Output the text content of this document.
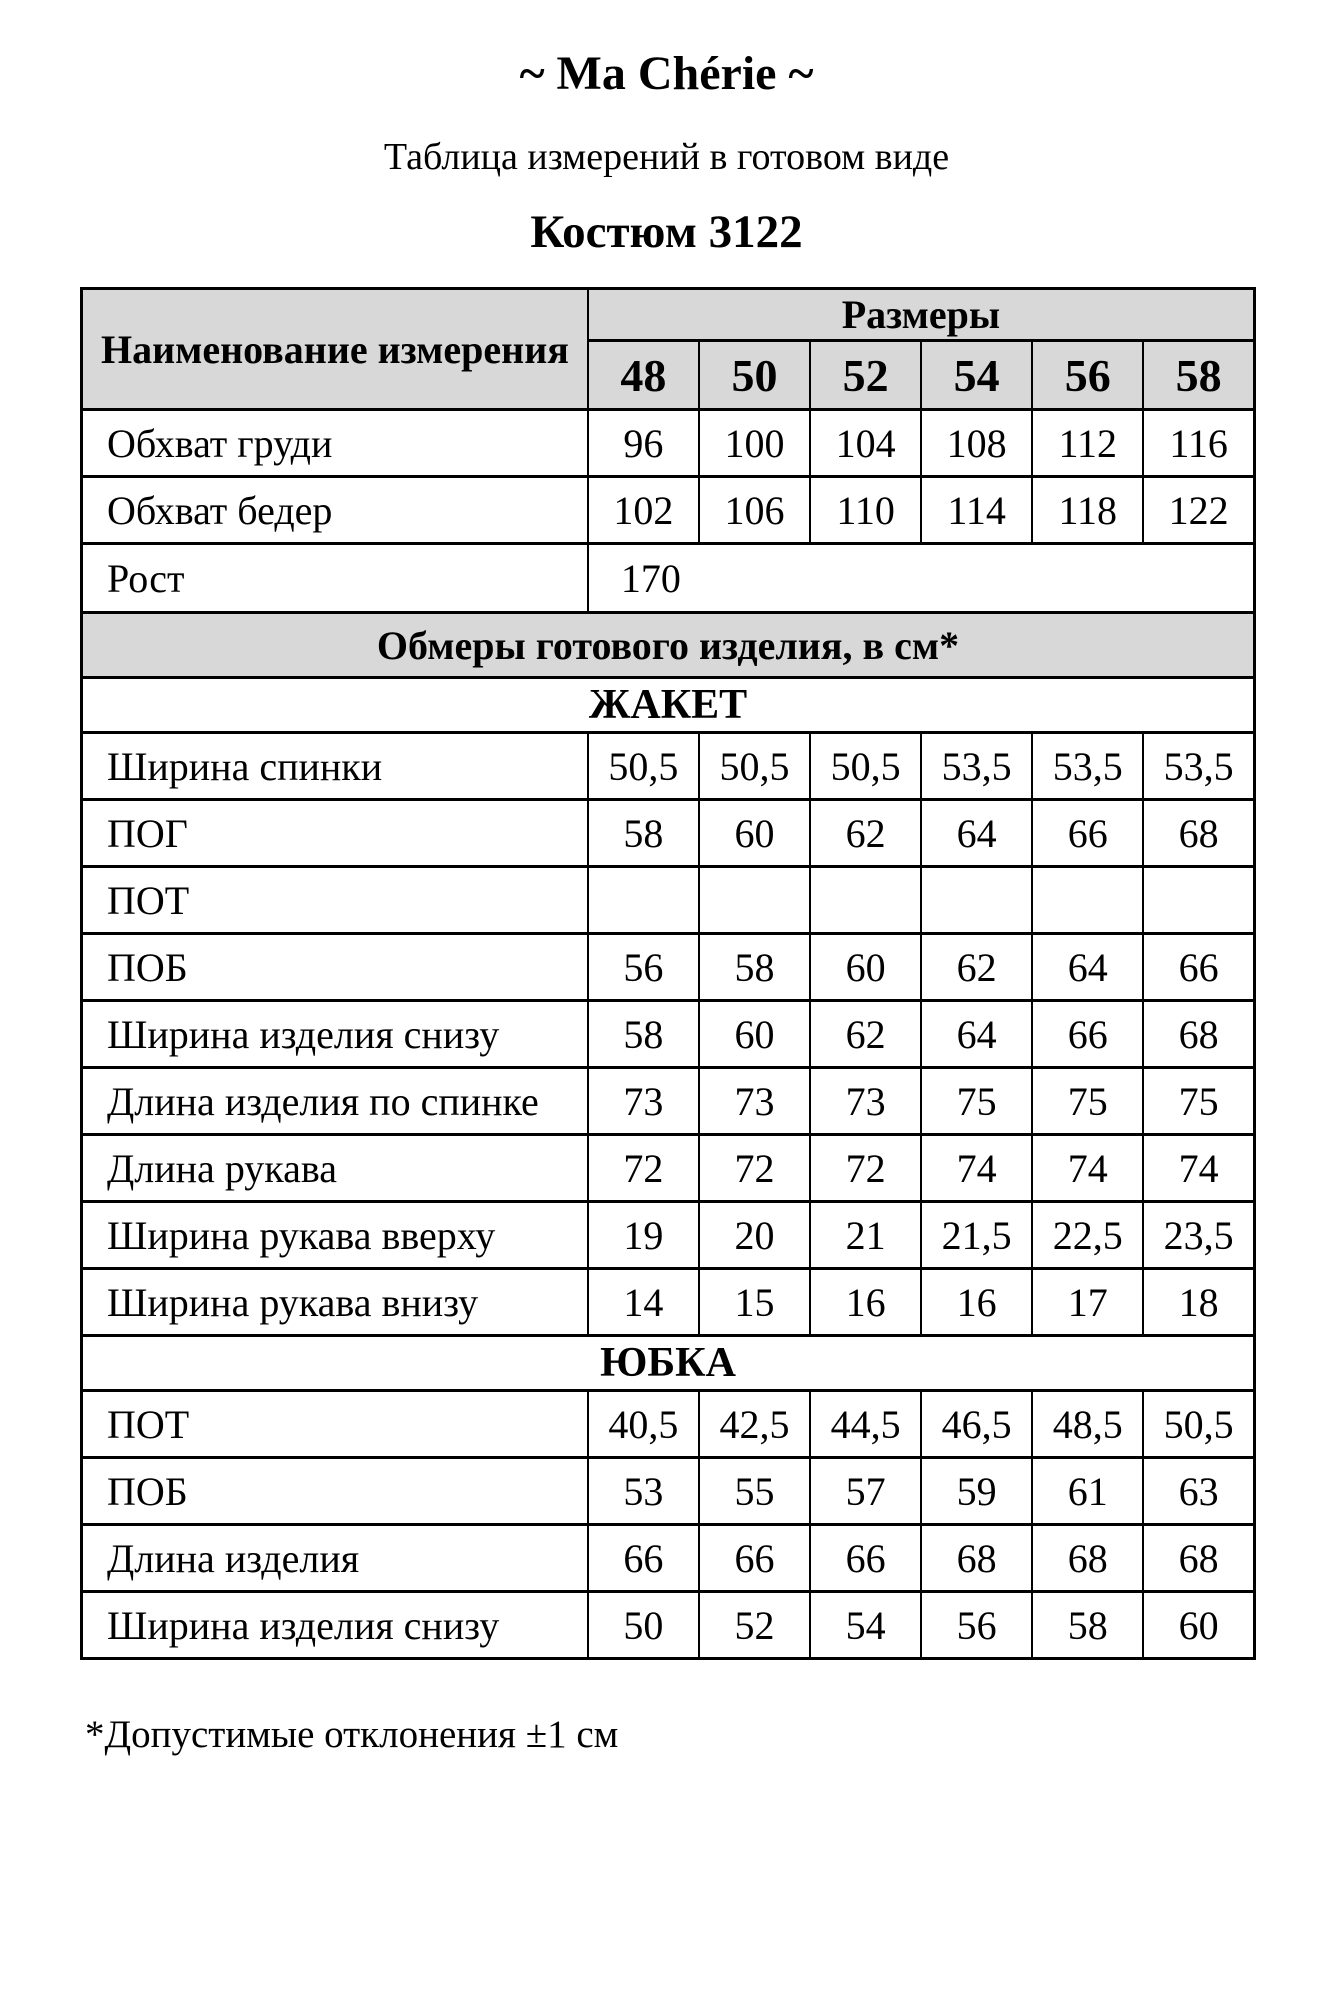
~ Ma Chérie ~
Таблица измерений в готовом виде
Костюм 3122
Наименование измерения	Размеры					
	48	50	52	54	56	58
Обхват груди	96	100	104	108	112	116
Обхват бедер	102	106	110	114	118	122
Рост	170					
Обмеры готового изделия, в см*						
ЖАКЕТ						
Ширина спинки	50,5	50,5	50,5	53,5	53,5	53,5
ПОГ	58	60	62	64	66	68
ПОТ						
ПОБ	56	58	60	62	64	66
Ширина изделия снизу	58	60	62	64	66	68
Длина изделия по спинке	73	73	73	75	75	75
Длина рукава	72	72	72	74	74	74
Ширина рукава вверху	19	20	21	21,5	22,5	23,5
Ширина рукава внизу	14	15	16	16	17	18
ЮБКА						
ПОТ	40,5	42,5	44,5	46,5	48,5	50,5
ПОБ	53	55	57	59	61	63
Длина изделия	66	66	66	68	68	68
Ширина изделия снизу	50	52	54	56	58	60
*Допустимые отклонения ±1 см
